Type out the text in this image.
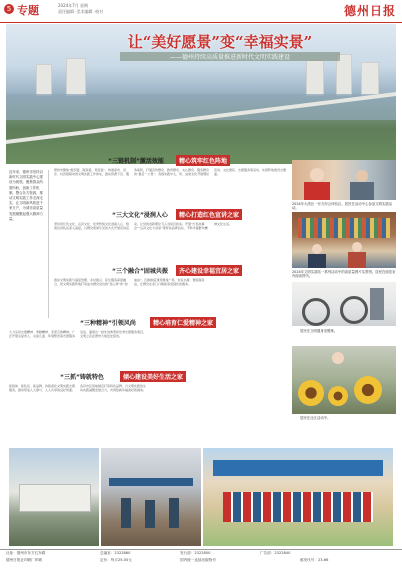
5 专题	2024年7月 星期
责任编辑 ·美术编辑 ·校对	德州日报
让“美好愿景”变“幸福实景”
——德州持续高质量推进新时代文明实践建设
近年来，德州市坚持以新时代文明实践中心建设为统领，聚焦群众所需所盼，创新工作机制，整合各方资源，推动文明实践工作走深走实，让文明新风吹进千家万户，为城市高质量发展凝聚起强大精神力量。
“三链机制”激活效能	精心筑牢红色阵地
德州市聚焦“组织链、服务链、项目链”，构建起市、县、乡、村四级联动的文明实践工作体系，推动资源下沉、服务前移，打通宣传群众、教育群众、关心群众、服务群众的“最后一公里”。各级实践中心、所、站常态化开展理论宣讲、文化惠民、志愿服务等活动，实现阵地建设全覆盖。
2024年大湾区一东方综合体验区。居民在活动中心参加文明实践活动。
“三大文化”浸润人心	精心打造红色宣讲之家
坚持用红色文化、运河文化、优秀传统文化浸润人心，组建宣讲队伍深入基层，以群众喜闻乐见的方式开展宣讲活动，让党的创新理论飞入寻常百姓家。开展“红色故事会”“运河文化大讲堂”等特色品牌活动，不断丰富群众精神文化生活。
2024年文明实践站一系列活动中的高质量图片实景图。居民在阅览室内阅读图书。
“三个融合”固城共振	齐心建设幸福宜居之家
推动文明实践与基层治理、乡村振兴、民生服务深度融合，把文明实践阵地打造成为群众身边的“连心桥”和“加油站”。因地制宜建设健身广场、农家书屋、便民服务站，让群众在家门口就能享受到优质服务。
居民在文明健身室锻炼。
“三种精神”引领风尚	精心培育仁爱精神之家
大力弘扬志愿精神、奉献精神、邻里互助精神，广泛开展关爱老人、关爱儿童、环境整治等志愿服务活动，涌现出一批先进典型和优秀志愿服务项目，文明之花在德州大地处处绽放。
“三抓”铸就特色	倾心建设美好生活之家
抓载体、抓队伍、抓品牌，持续深化文明实践志愿服务，推动形成人人参与、人人共享的良好局面。各县市区因地制宜打造特色品牌，以文明实践的生动实践凝聚发展合力，共同绘就幸福美好新画卷。
居民在社区活动中。
社址：德州市东方红东路	总编室：2322860	发行部：2322800	广告部：2322840
德州日报社印刷厂印刷	定价：每月25.00元	国内统一连续出版物号	邮发代号：23-66
